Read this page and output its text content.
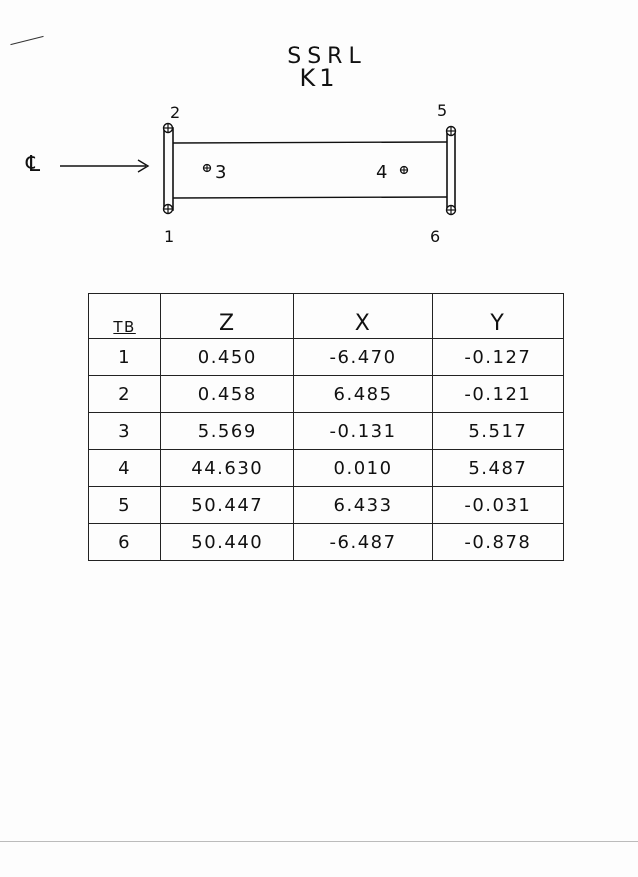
SSRL
K1
℄
2
1
5
6
3	4
TB	Z	X	Y
1	0.450	-6.470	-0.127
2	0.458	6.485	-0.121
3	5.569	-0.131	5.517
4	44.630	0.010	5.487
5	50.447	6.433	-0.031
6	50.440	-6.487	-0.878
